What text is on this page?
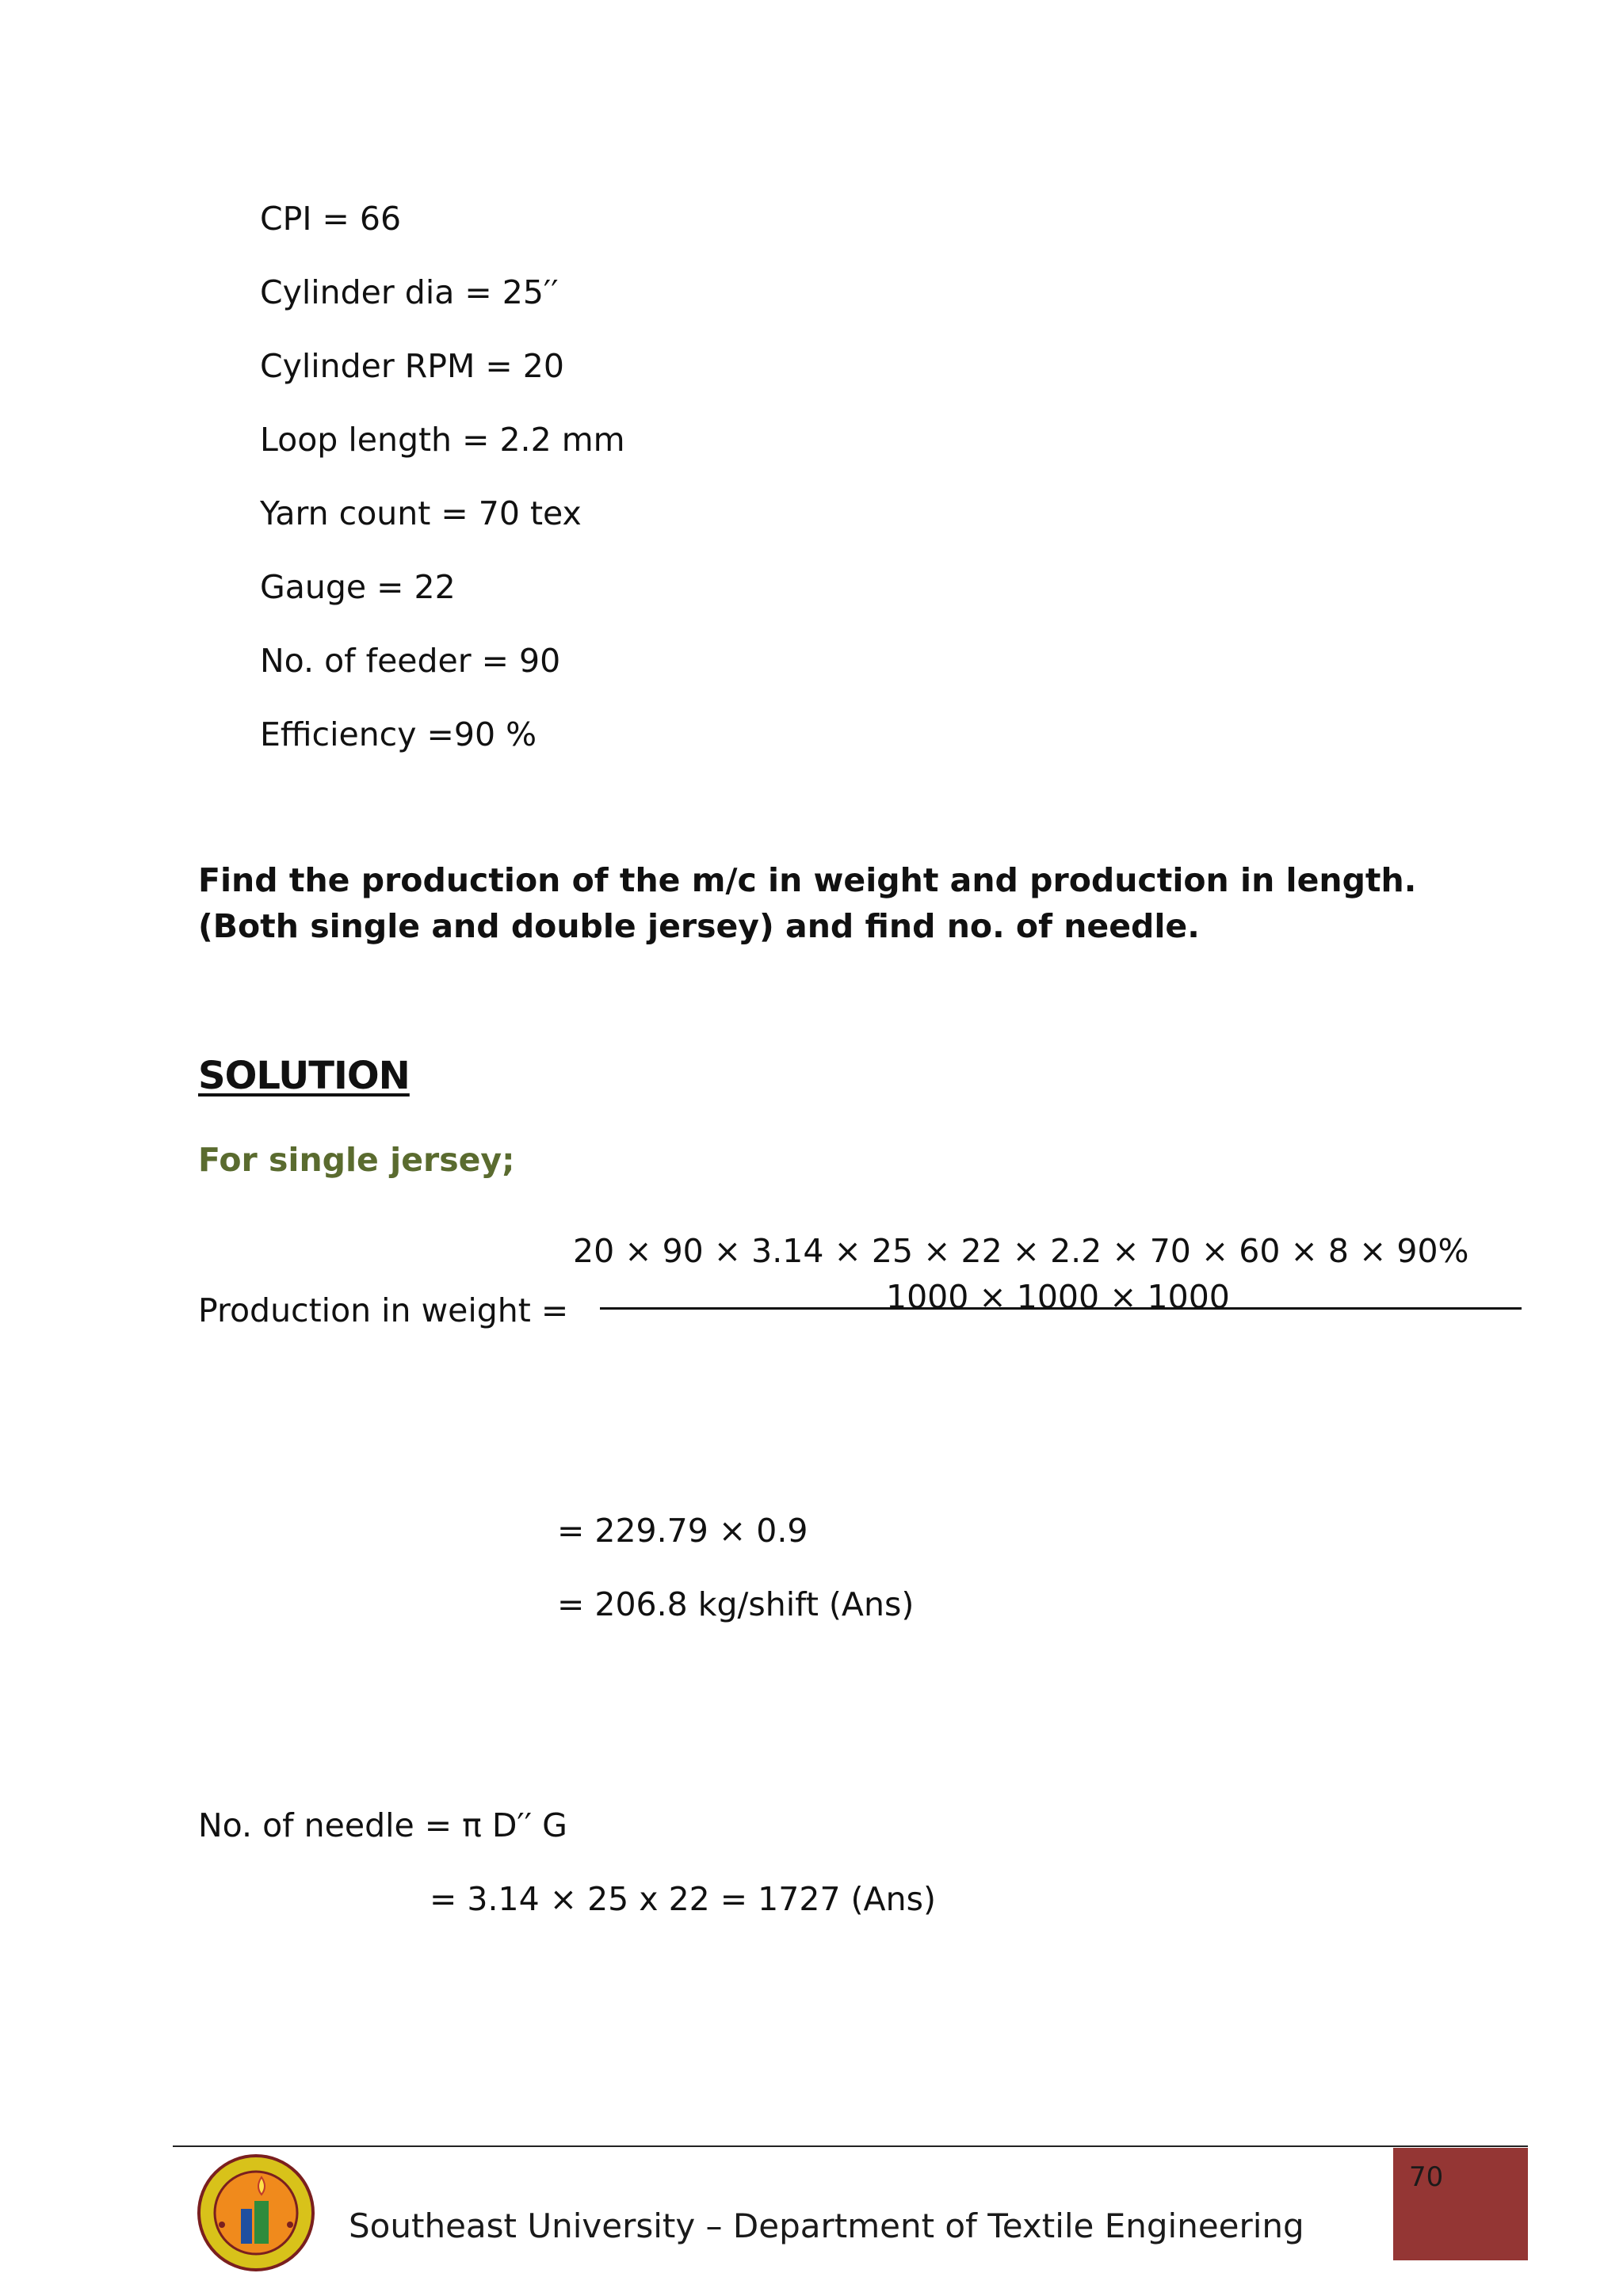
CPI = 66
Cylinder dia = 25′′
Cylinder RPM = 20
Loop length = 2.2 mm
Yarn count = 70 tex
Gauge = 22
No. of feeder = 90
Efficiency =90 %
Find the production of the m/c in weight and production in length.
(Both single and double jersey) and find no. of needle.
SOLUTION
For single jersey;
20 × 90 × 3.14 × 25 × 22 × 2.2 × 70 × 60 × 8 × 90%
Production in weight =	1000 × 1000 × 1000
= 229.79 × 0.9
= 206.8 kg/shift (Ans)
No. of needle = π D′′ G
= 3.14 × 25 x 22 = 1727 (Ans)
70
Southeast University – Department of Textile Engineering
